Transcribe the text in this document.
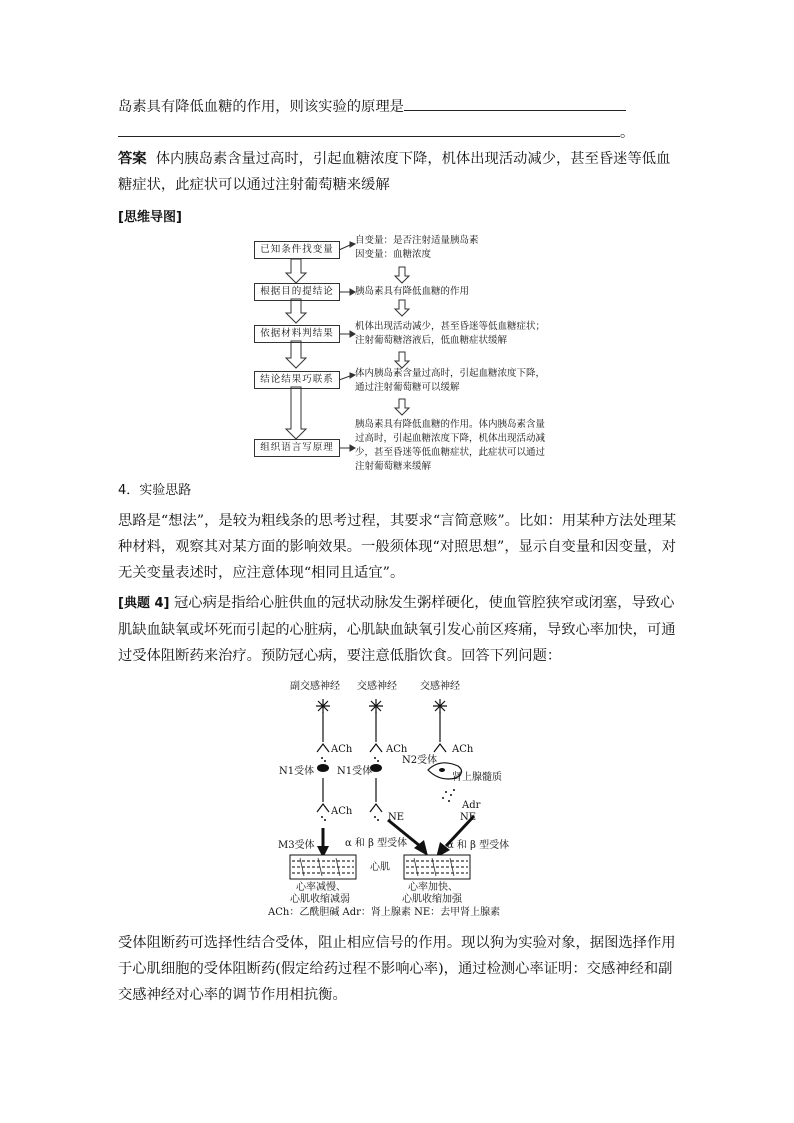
岛素具有降低血糖的作用，则该实验的原理是
。
答案 体内胰岛素含量过高时，引起血糖浓度下降，机体出现活动减少，甚至昏迷等低血糖症状，此症状可以通过注射葡萄糖来缓解
[思维导图]
已知条件找变量
根据目的提结论
依据材料判结果
结论结果巧联系
组织语言写原理
自变量：是否注射适量胰岛素
因变量：血糖浓度
胰岛素具有降低血糖的作用
机体出现活动减少，甚至昏迷等低血糖症状；注射葡萄糖溶液后，低血糖症状缓解
体内胰岛素含量过高时，引起血糖浓度下降，通过注射葡萄糖可以缓解
胰岛素具有降低血糖的作用。体内胰岛素含量过高时，引起血糖浓度下降，机体出现活动减少，甚至昏迷等低血糖症状，此症状可以通过注射葡萄糖来缓解
4．实验思路
思路是“想法”，是较为粗线条的思考过程，其要求“言简意赅”。比如：用某种方法处理某种材料，观察其对某方面的影响效果。一般须体现“对照思想”，显示自变量和因变量，对无关变量表述时，应注意体现“相同且适宜”。
[典题 4] 冠心病是指给心脏供血的冠状动脉发生粥样硬化，使血管腔狭窄或闭塞，导致心肌缺血缺氧或坏死而引起的心脏病，心肌缺血缺氧引发心前区疼痛，导致心率加快，可通过受体阻断药来治疗。预防冠心病，要注意低脂饮食。回答下列问题：
副交感神经 交感神经 交感神经
ACh	ACh	ACh
N1受体 N1受体
N2受体
肾上腺髓质
ACh
NE
Adr
NE
M3受体	α 和 β 型受体	α 和 β 型受体
心肌
心率减慢、
心肌收缩减弱
心率加快、
心肌收缩加强
ACh：乙酰胆碱 Adr：肾上腺素 NE：去甲肾上腺素
受体阻断药可选择性结合受体，阻止相应信号的作用。现以狗为实验对象，据图选择作用于心肌细胞的受体阻断药(假定给药过程不影响心率)，通过检测心率证明：交感神经和副交感神经对心率的调节作用相抗衡。
